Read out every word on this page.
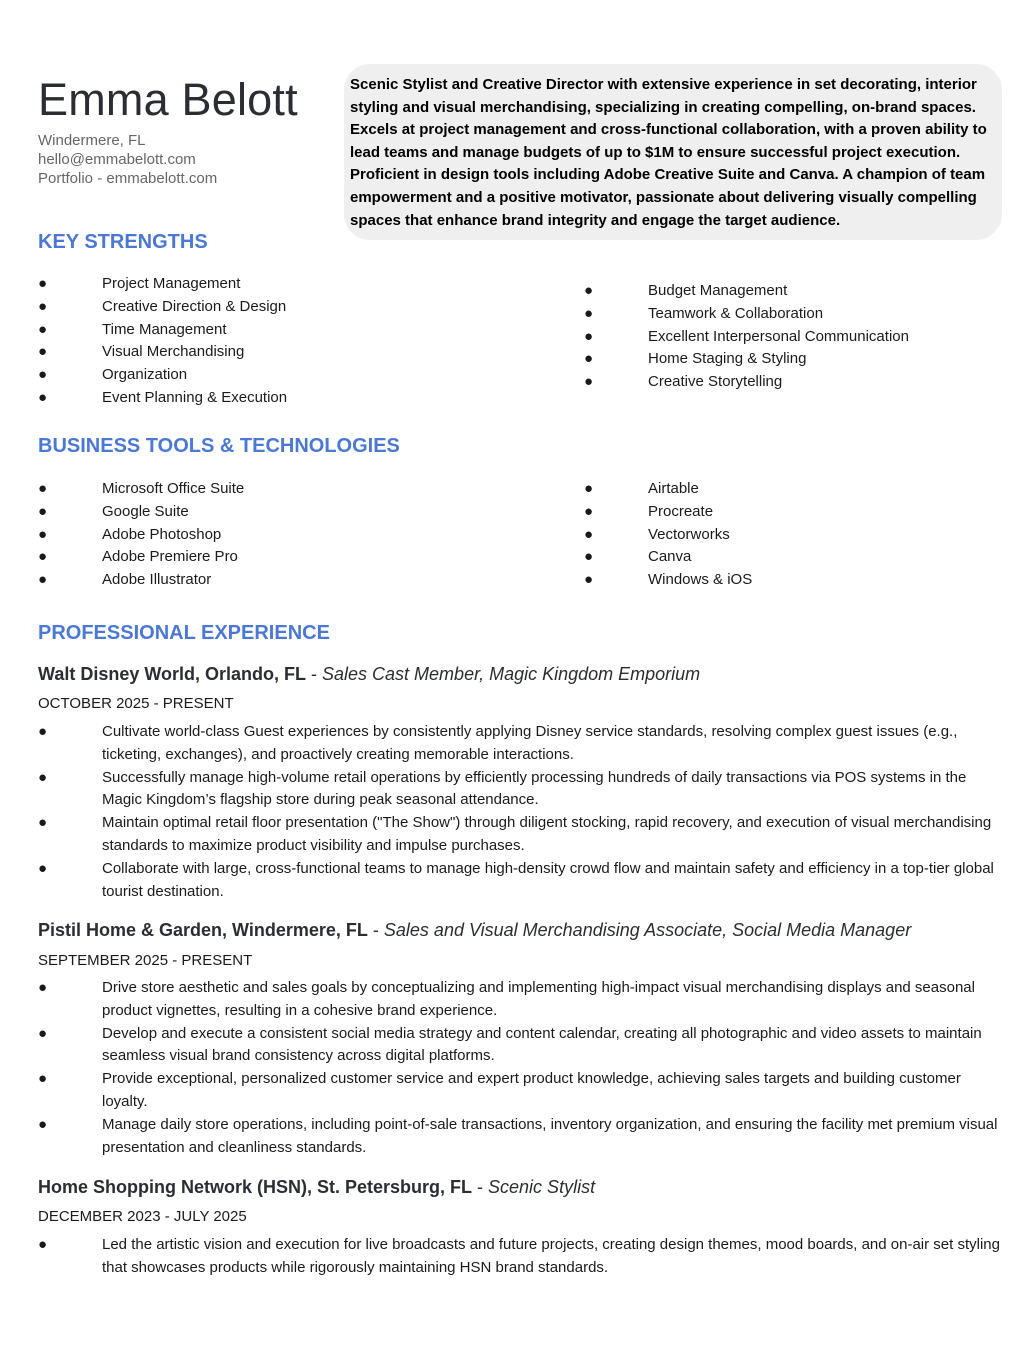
Emma Belott
Windermere, FL
hello@emmabelott.com
Portfolio - emmabelott.com
Scenic Stylist and Creative Director with extensive experience in set decorating, interior styling and visual merchandising, specializing in creating compelling, on-brand spaces. Excels at project management and cross-functional collaboration, with a proven ability to lead teams and manage budgets of up to $1M to ensure successful project execution. Proficient in design tools including Adobe Creative Suite and Canva. A champion of team empowerment and a positive motivator, passionate about delivering visually compelling spaces that enhance brand integrity and engage the target audience.
KEY STRENGTHS
●	Project Management
●	Creative Direction & Design
●	Time Management
●	Visual Merchandising
●	Organization
●	Event Planning & Execution
●	Budget Management
●	Teamwork & Collaboration
●	Excellent Interpersonal Communication
●	Home Staging & Styling
●	Creative Storytelling
BUSINESS TOOLS & TECHNOLOGIES
●	Microsoft Office Suite
●	Google Suite
●	Adobe Photoshop
●	Adobe Premiere Pro
●	Adobe Illustrator
●	Airtable
●	Procreate
●	Vectorworks
●	Canva
●	Windows & iOS
PROFESSIONAL EXPERIENCE
Walt Disney World, Orlando, FL - Sales Cast Member, Magic Kingdom Emporium
OCTOBER 2025 - PRESENT
●	Cultivate world-class Guest experiences by consistently applying Disney service standards, resolving complex guest issues (e.g., ticketing, exchanges), and proactively creating memorable interactions.
●	Successfully manage high-volume retail operations by efficiently processing hundreds of daily transactions via POS systems in the Magic Kingdom’s flagship store during peak seasonal attendance.
●	Maintain optimal retail floor presentation ("The Show") through diligent stocking, rapid recovery, and execution of visual merchandising standards to maximize product visibility and impulse purchases.
●	Collaborate with large, cross-functional teams to manage high-density crowd flow and maintain safety and efficiency in a top-tier global tourist destination.
Pistil Home & Garden, Windermere, FL - Sales and Visual Merchandising Associate, Social Media Manager
SEPTEMBER 2025 - PRESENT
●	Drive store aesthetic and sales goals by conceptualizing and implementing high-impact visual merchandising displays and seasonal product vignettes, resulting in a cohesive brand experience.
●	Develop and execute a consistent social media strategy and content calendar, creating all photographic and video assets to maintain seamless visual brand consistency across digital platforms.
●	Provide exceptional, personalized customer service and expert product knowledge, achieving sales targets and building customer loyalty.
●	Manage daily store operations, including point-of-sale transactions, inventory organization, and ensuring the facility met premium visual presentation and cleanliness standards.
Home Shopping Network (HSN), St. Petersburg, FL - Scenic Stylist
DECEMBER 2023 - JULY 2025
●	Led the artistic vision and execution for live broadcasts and future projects, creating design themes, mood boards, and on-air set styling that showcases products while rigorously maintaining HSN brand standards.
